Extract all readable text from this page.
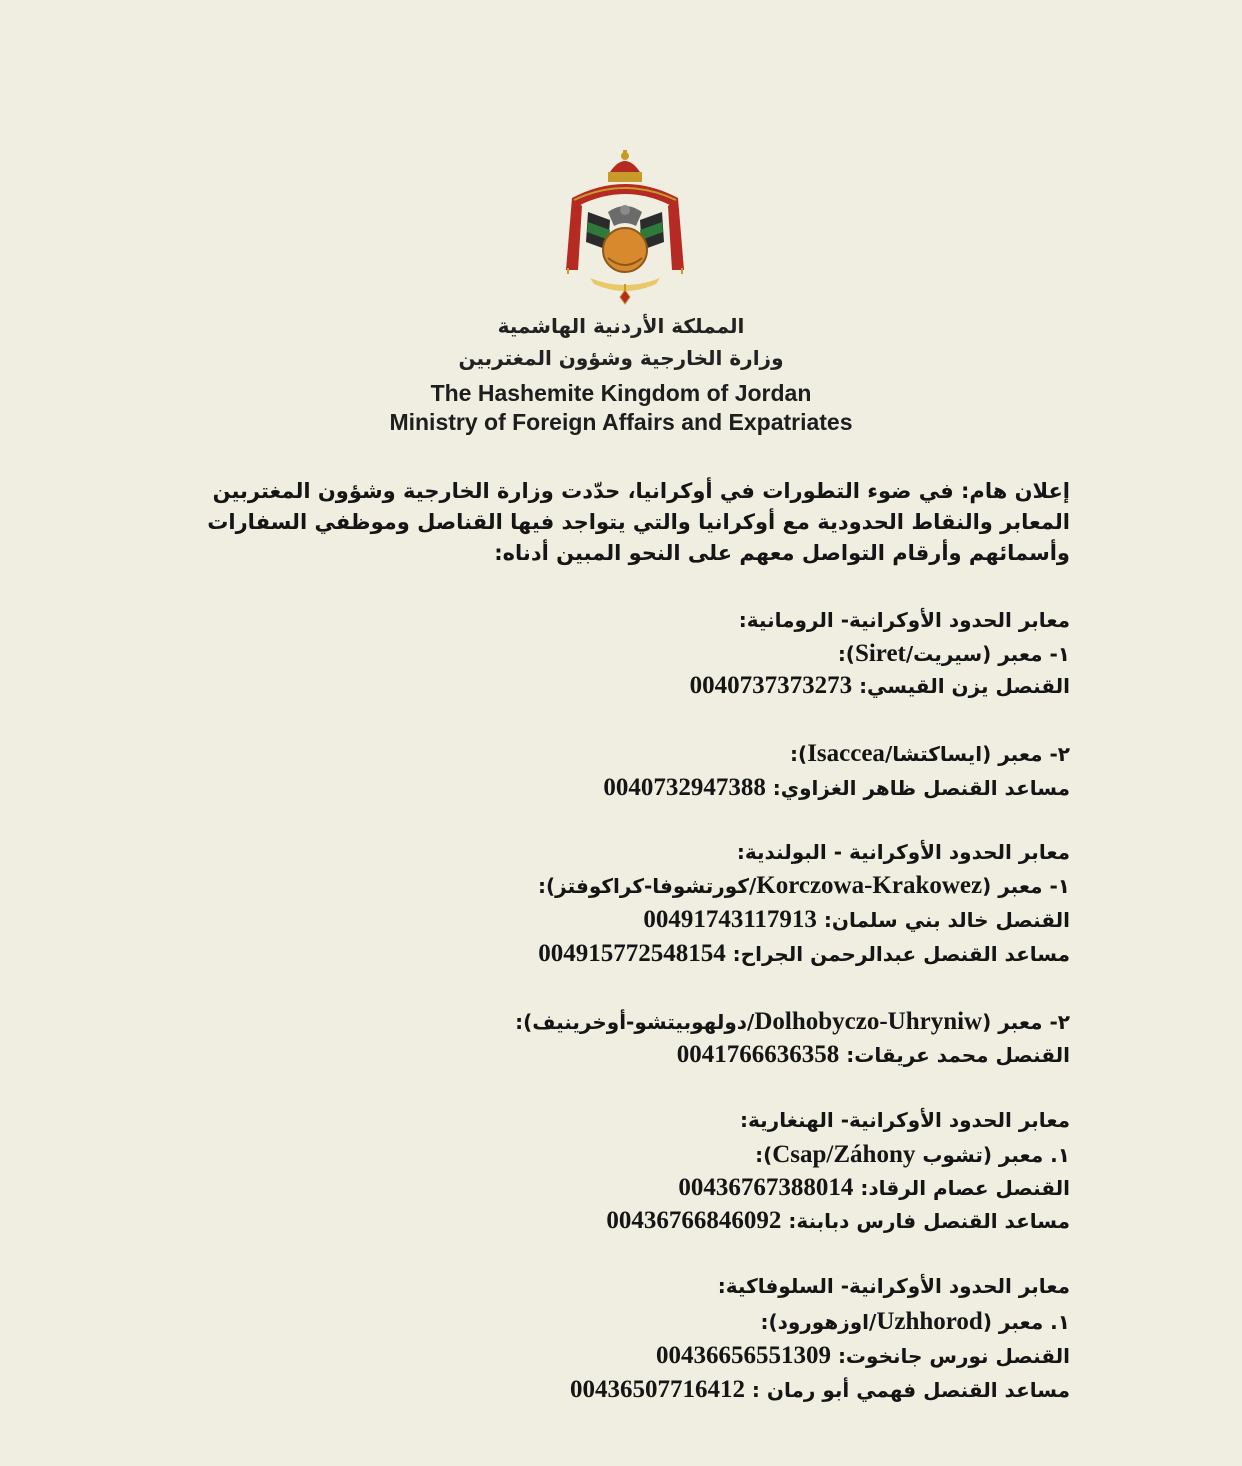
المملكة الأردنية الهاشمية
وزارة الخارجية وشؤون المغتربين
The Hashemite Kingdom of Jordan
Ministry of Foreign Affairs and Expatriates
إعلان هام: في ضوء التطورات في أوكرانيا، حدّدت وزارة الخارجية وشؤون المغتربين المعابر والنقاط الحدودية مع أوكرانيا والتي يتواجد فيها القناصل وموظفي السفارات وأسمائهم وأرقام التواصل معهم على النحو المبين أدناه:
معابر الحدود الأوكرانية- الرومانية:
١- معبر (سيريت/Siret):
القنصل يزن القيسي: 0040737373273
٢- معبر (ايساكتشا/Isaccea):
مساعد القنصل ظاهر الغزاوي: 0040732947388
معابر الحدود الأوكرانية - البولندية:
١- معبر (Korczowa-Krakowez/كورتشوفا-كراكوفتز):
القنصل خالد بني سلمان: 00491743117913
مساعد القنصل عبدالرحمن الجراح: 004915772548154
٢- معبر (Dolhobyczo-Uhryniw/دولهوبيتشو-أوخرينيف):
القنصل محمد عريقات: 0041766636358
معابر الحدود الأوكرانية- الهنغارية:
١. معبر (تشوب Csap/Záhony):
القنصل عصام الرقاد: 00436767388014
مساعد القنصل فارس دبابنة: 00436766846092
معابر الحدود الأوكرانية- السلوفاكية:
١. معبر (Uzhhorod/اوزهورود):
القنصل نورس جانخوت: 00436656551309
مساعد القنصل فهمي أبو رمان : 00436507716412
